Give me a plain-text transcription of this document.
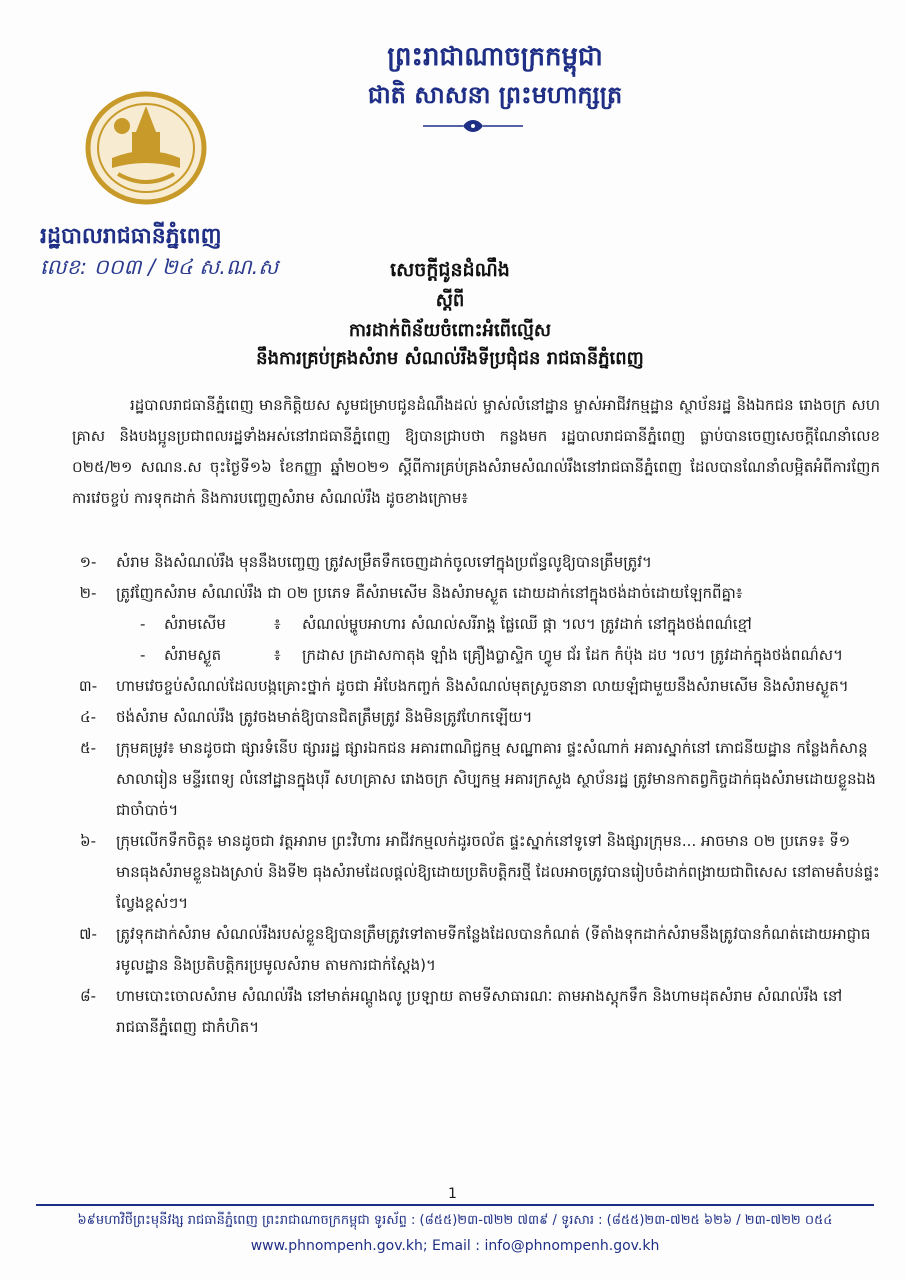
ព្រះរាជាណាចក្រកម្ពុជា
ជាតិ សាសនា ព្រះមហាក្សត្រ
រដ្ឋបាលរាជធានីភ្នំពេញ
លេខ: ០០៣ / ២៤ ស.ណ.ស	សេចក្តីជូនដំណឹង
ស្តីពី
ការដាក់ពិន័យចំពោះអំពើល្មើស
នឹងការគ្រប់គ្រងសំរាម សំណល់រឹងទីប្រជុំជន រាជធានីភ្នំពេញ
រដ្ឋបាលរាជធានីភ្នំពេញ មានកិត្តិយស សូមជម្រាបជូនដំណឹងដល់ ម្ចាស់លំនៅដ្ឋាន ម្ចាស់អាជីវកម្មដ្ឋាន ស្ថាប័នរដ្ឋ និងឯកជន រោងចក្រ សហគ្រាស និងបងប្អូនប្រជាពលរដ្ឋទាំងអស់នៅរាជធានីភ្នំពេញ ឱ្យបានជ្រាបថា កន្លងមក រដ្ឋបាលរាជធានីភ្នំពេញ ធ្លាប់បានចេញសេចក្តីណែនាំលេខ ០២៥/២១ សណន.ស ចុះថ្ងៃទី១៦ ខែកញ្ញា ឆ្នាំ២០២១ ស្តីពីការគ្រប់គ្រងសំរាមសំណល់រឹងនៅរាជធានីភ្នំពេញ ដែលបានណែនាំលម្អិតអំពីការញែក ការវេចខ្ចប់ ការទុកដាក់ និងការបញ្ចេញសំរាម សំណល់រឹង ដូចខាងក្រោម៖
១-	សំរាម និងសំណល់រឹង មុននឹងបញ្ចេញ ត្រូវសម្រឹតទឹកចេញដាក់ចូលទៅក្នុងប្រព័ន្ធលូឱ្យបានត្រឹមត្រូវ។
២-	ត្រូវញែកសំរាម សំណល់រឹង ជា ០២ ប្រភេទ គឺសំរាមសើម និងសំរាមស្ងួត ដោយដាក់នៅក្នុងថង់ដាច់ដោយឡែកពីគ្នា៖
-	សំរាមសើម	៖	សំណល់ម្ហូបអាហារ សំណល់សរីរាង្គ ផ្លែឈើ ផ្កា ។ល។ ត្រូវដាក់ នៅក្នុងថង់ពណ៌ខ្មៅ
-	សំរាមស្ងួត	៖	ក្រដាស ក្រដាសកាតុង ឡាំង គ្រឿងប្លាស្ទិក ហ្វូម ជ័រ ដែក កំប៉ុង ដប ។ល។ ត្រូវដាក់ក្នុងថង់ពណ៌ស។
៣-	ហាមវេចខ្ចប់សំណល់ដែលបង្កគ្រោះថ្នាក់ ដូចជា អំបែងកញ្ចក់ និងសំណល់មុតស្រួចនានា លាយឡំជាមួយនឹងសំរាមសើម និងសំរាមស្ងួត។
៤-	ថង់សំរាម សំណល់រឹង ត្រូវចងមាត់ឱ្យបានជិតត្រឹមត្រូវ និងមិនត្រូវហែកឡើយ។
៥-	ក្រុមគម្រូវ៖ មានដូចជា ផ្សារទំនើប ផ្សាររដ្ឋ ផ្សារឯកជន អគារពាណិជ្ជកម្ម សណ្ឋាគារ ផ្ទះសំណាក់ អគារស្នាក់នៅ ភោជនីយដ្ឋាន កន្លែងកំសាន្ត សាលារៀន មន្ទីរពេទ្យ លំនៅដ្ឋានក្នុងបុរី សហគ្រាស រោងចក្រ សិប្បកម្ម អគារក្រសួង ស្ថាប័នរដ្ឋ ត្រូវមានកាតព្វកិច្ចដាក់ធុងសំរាមដោយខ្លួនឯងជាចាំបាច់។
៦-	ក្រុមលើកទឹកចិត្ត៖ មានដូចជា វត្តអារាម ព្រះវិហារ អាជីវកម្មលក់ដូរចល័ត ផ្ទះស្នាក់នៅទូទៅ និងផ្សារក្រុមន... អាចមាន ០២ ប្រភេទ៖ ទី១ មានធុងសំរាមខ្លួនឯងស្រាប់ និងទី២ ធុងសំរាមដែលផ្តល់ឱ្យដោយប្រតិបត្តិករថ្មី ដែលអាចត្រូវបានរៀបចំដាក់ពង្រាយជាពិសេស នៅតាមតំបន់ផ្ទះល្វែងខ្ពស់ៗ។
៧-	ត្រូវទុកដាក់សំរាម សំណល់រឹងរបស់ខ្លួនឱ្យបានត្រឹមត្រូវទៅតាមទីកន្លែងដែលបានកំណត់ (ទីតាំងទុកដាក់សំរាមនឹងត្រូវបានកំណត់ដោយអាជ្ញាធរមូលដ្ឋាន និងប្រតិបត្តិករប្រមូលសំរាម តាមការជាក់ស្តែង)។
៨-	ហាមបោះចោលសំរាម សំណល់រឹង នៅមាត់អណ្តូងលូ ប្រឡាយ តាមទីសាធារណៈ តាមអាងស្តុកទឹក និងហាមដុតសំរាម សំណល់រឹង នៅរាជធានីភ្នំពេញ ជាកំហិត។
1
៦៩មហាវិថីព្រះមុនីវង្ស រាជធានីភ្នំពេញ ព្រះរាជាណាចក្រកម្ពុជា ទូរស័ព្ទ : (៨៥៥)២៣-៧២២ ៧៣៩ / ទូរសារ : (៨៥៥)២៣-៧២៥ ៦២៦ / ២៣-៧២២ ០៥៤
www.phnompenh.gov.kh; Email : info@phnompenh.gov.kh
